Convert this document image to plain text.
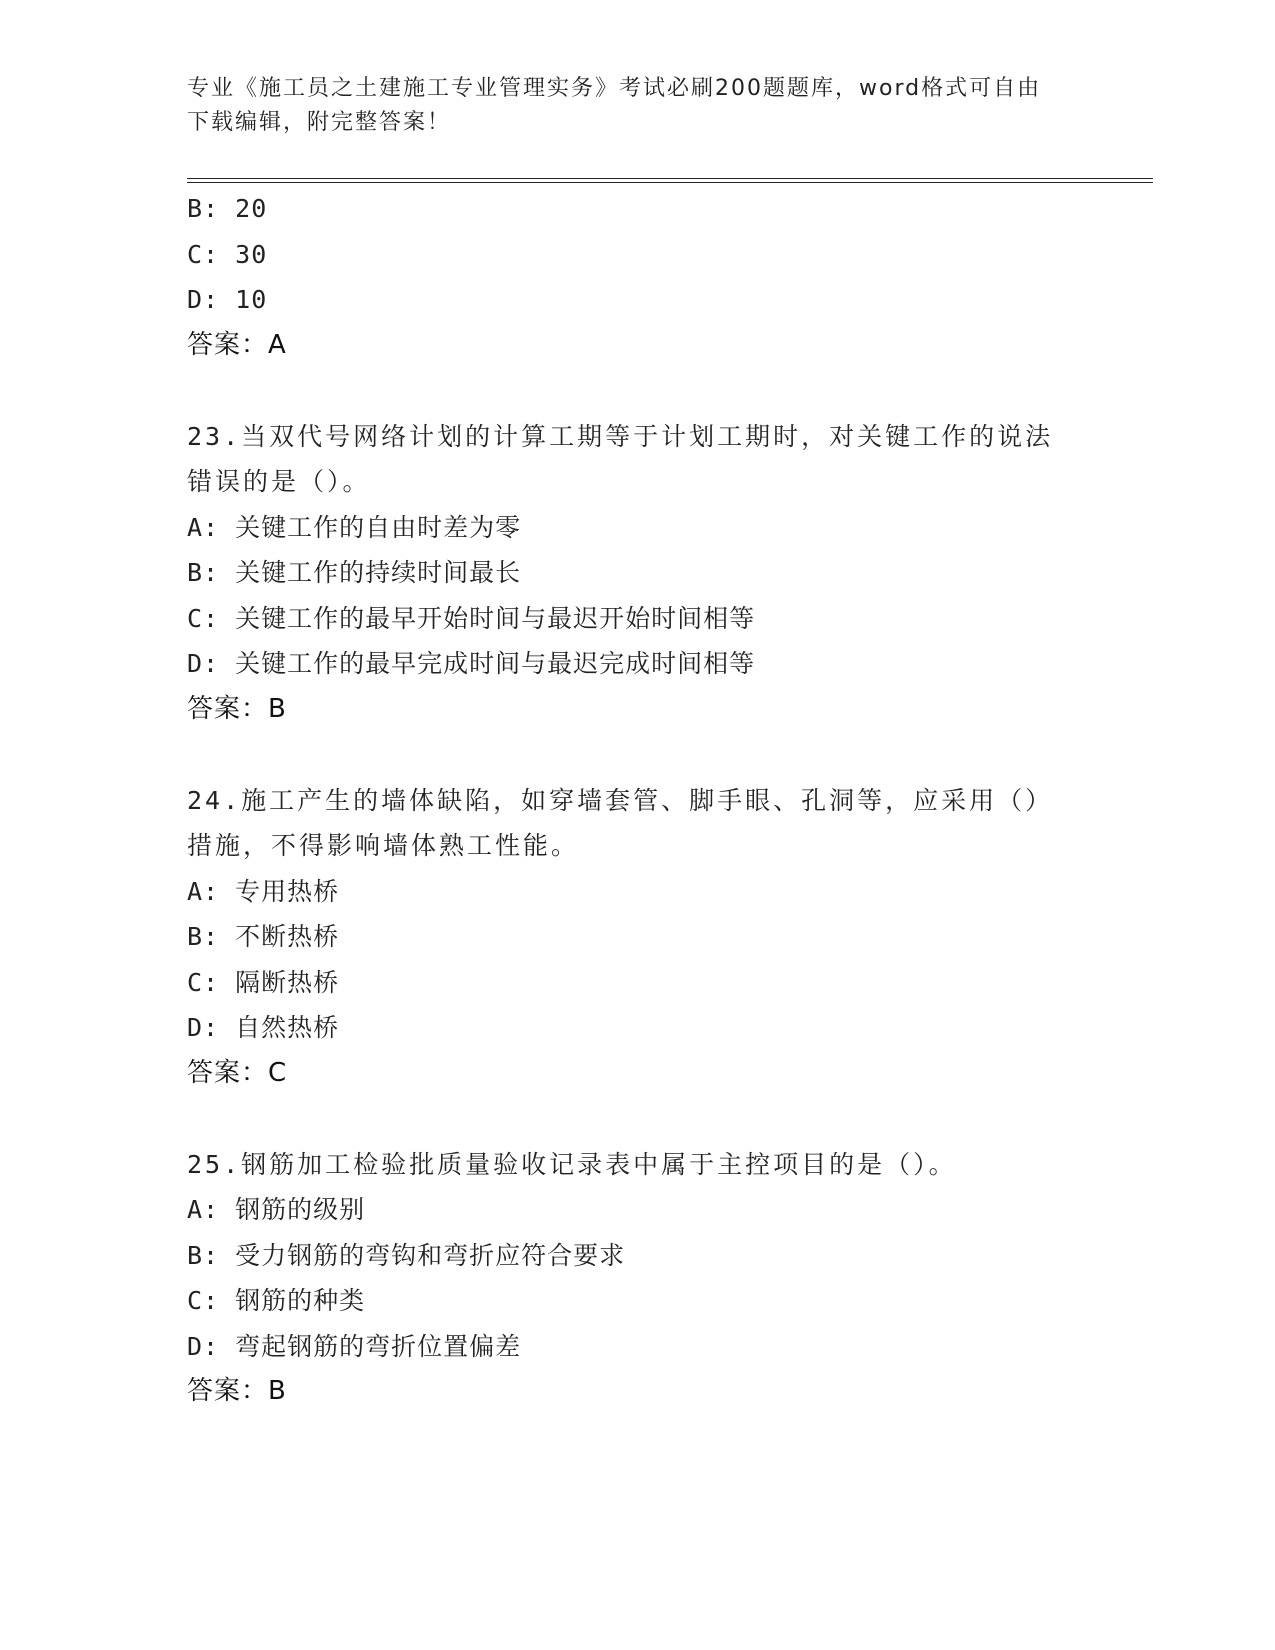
专业《施工员之土建施工专业管理实务》考试必刷200题题库，word格式可自由
下载编辑，附完整答案！
B: 20
C: 30
D: 10
答案：A
23.当双代号网络计划的计算工期等于计划工期时，对关键工作的说法
错误的是（）。
A: 关键工作的自由时差为零
B: 关键工作的持续时间最长
C: 关键工作的最早开始时间与最迟开始时间相等
D: 关键工作的最早完成时间与最迟完成时间相等
答案：B
24.施工产生的墙体缺陷，如穿墙套管、脚手眼、孔洞等，应采用（）
措施，不得影响墙体熟工性能。
A: 专用热桥
B: 不断热桥
C: 隔断热桥
D: 自然热桥
答案：C
25.钢筋加工检验批质量验收记录表中属于主控项目的是（）。
A: 钢筋的级别
B: 受力钢筋的弯钩和弯折应符合要求
C: 钢筋的种类
D: 弯起钢筋的弯折位置偏差
答案：B
